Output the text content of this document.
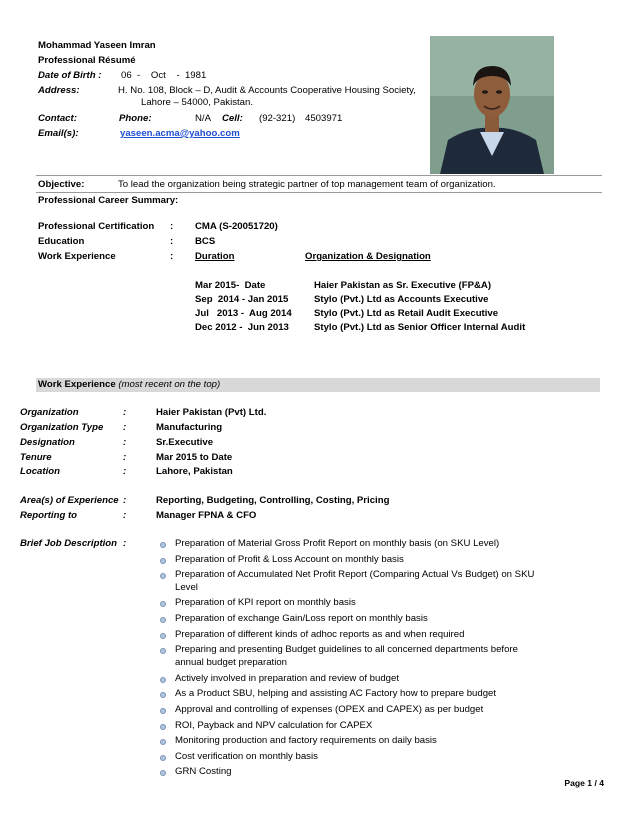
Mohammad Yaseen Imran
Professional Résumé
Date of Birth : 06  -    Oct    -  1981
Address:	H. No. 108, Block – D, Audit & Accounts Cooperative Housing Society,
Lahore – 54000, Pakistan.
Contact:	Phone:	N/A Cell: (92-321) 4503971
Email(s):	yaseen.acma@yahoo.com
Objective:	To lead the organization being strategic partner of top management team of organization.
Professional Career Summary:
Professional Certification : CMA (S-20051720)
Education	: BCS
Work Experience	: Duration	Organization & Designation
Mar 2015-  Date	Haier Pakistan as Sr. Executive (FP&A)
Sep  2014 - Jan 2015	Stylo (Pvt.) Ltd as Accounts Executive
Jul   2013 -  Aug 2014 Stylo (Pvt.) Ltd as Retail Audit Executive
Dec 2012 -  Jun 2013	Stylo (Pvt.) Ltd as Senior Officer Internal Audit
Work Experience (most recent on the top)
Organization	:	Haier Pakistan (Pvt) Ltd.
Organization Type :	Manufacturing
Designation	:	Sr.Executive
Tenure	:	Mar 2015 to Date
Location	:	Lahore, Pakistan
Area(s) of Experience :	Reporting, Budgeting, Controlling, Costing, Pricing
Reporting to	:	Manager FPNA & CFO
Brief Job Description :	Preparation of Material Gross Profit Report on monthly basis (on SKU Level)
Preparation of Profit & Loss Account on monthly basis
Preparation of Accumulated Net Profit Report (Comparing Actual Vs Budget) on SKU Level
Preparation of KPI report on monthly basis
Preparation of exchange Gain/Loss report on monthly basis
Preparation of different kinds of adhoc reports as and when required
Preparing and presenting Budget guidelines to all concerned departments before annual budget preparation
Actively involved in preparation and review of budget
As a Product SBU, helping and assisting AC Factory how to prepare budget
Approval and controlling of expenses (OPEX and CAPEX) as per budget
ROI, Payback and NPV calculation for CAPEX
Monitoring production and factory requirements on daily basis
Cost verification on monthly basis
GRN Costing
Page 1 / 4
